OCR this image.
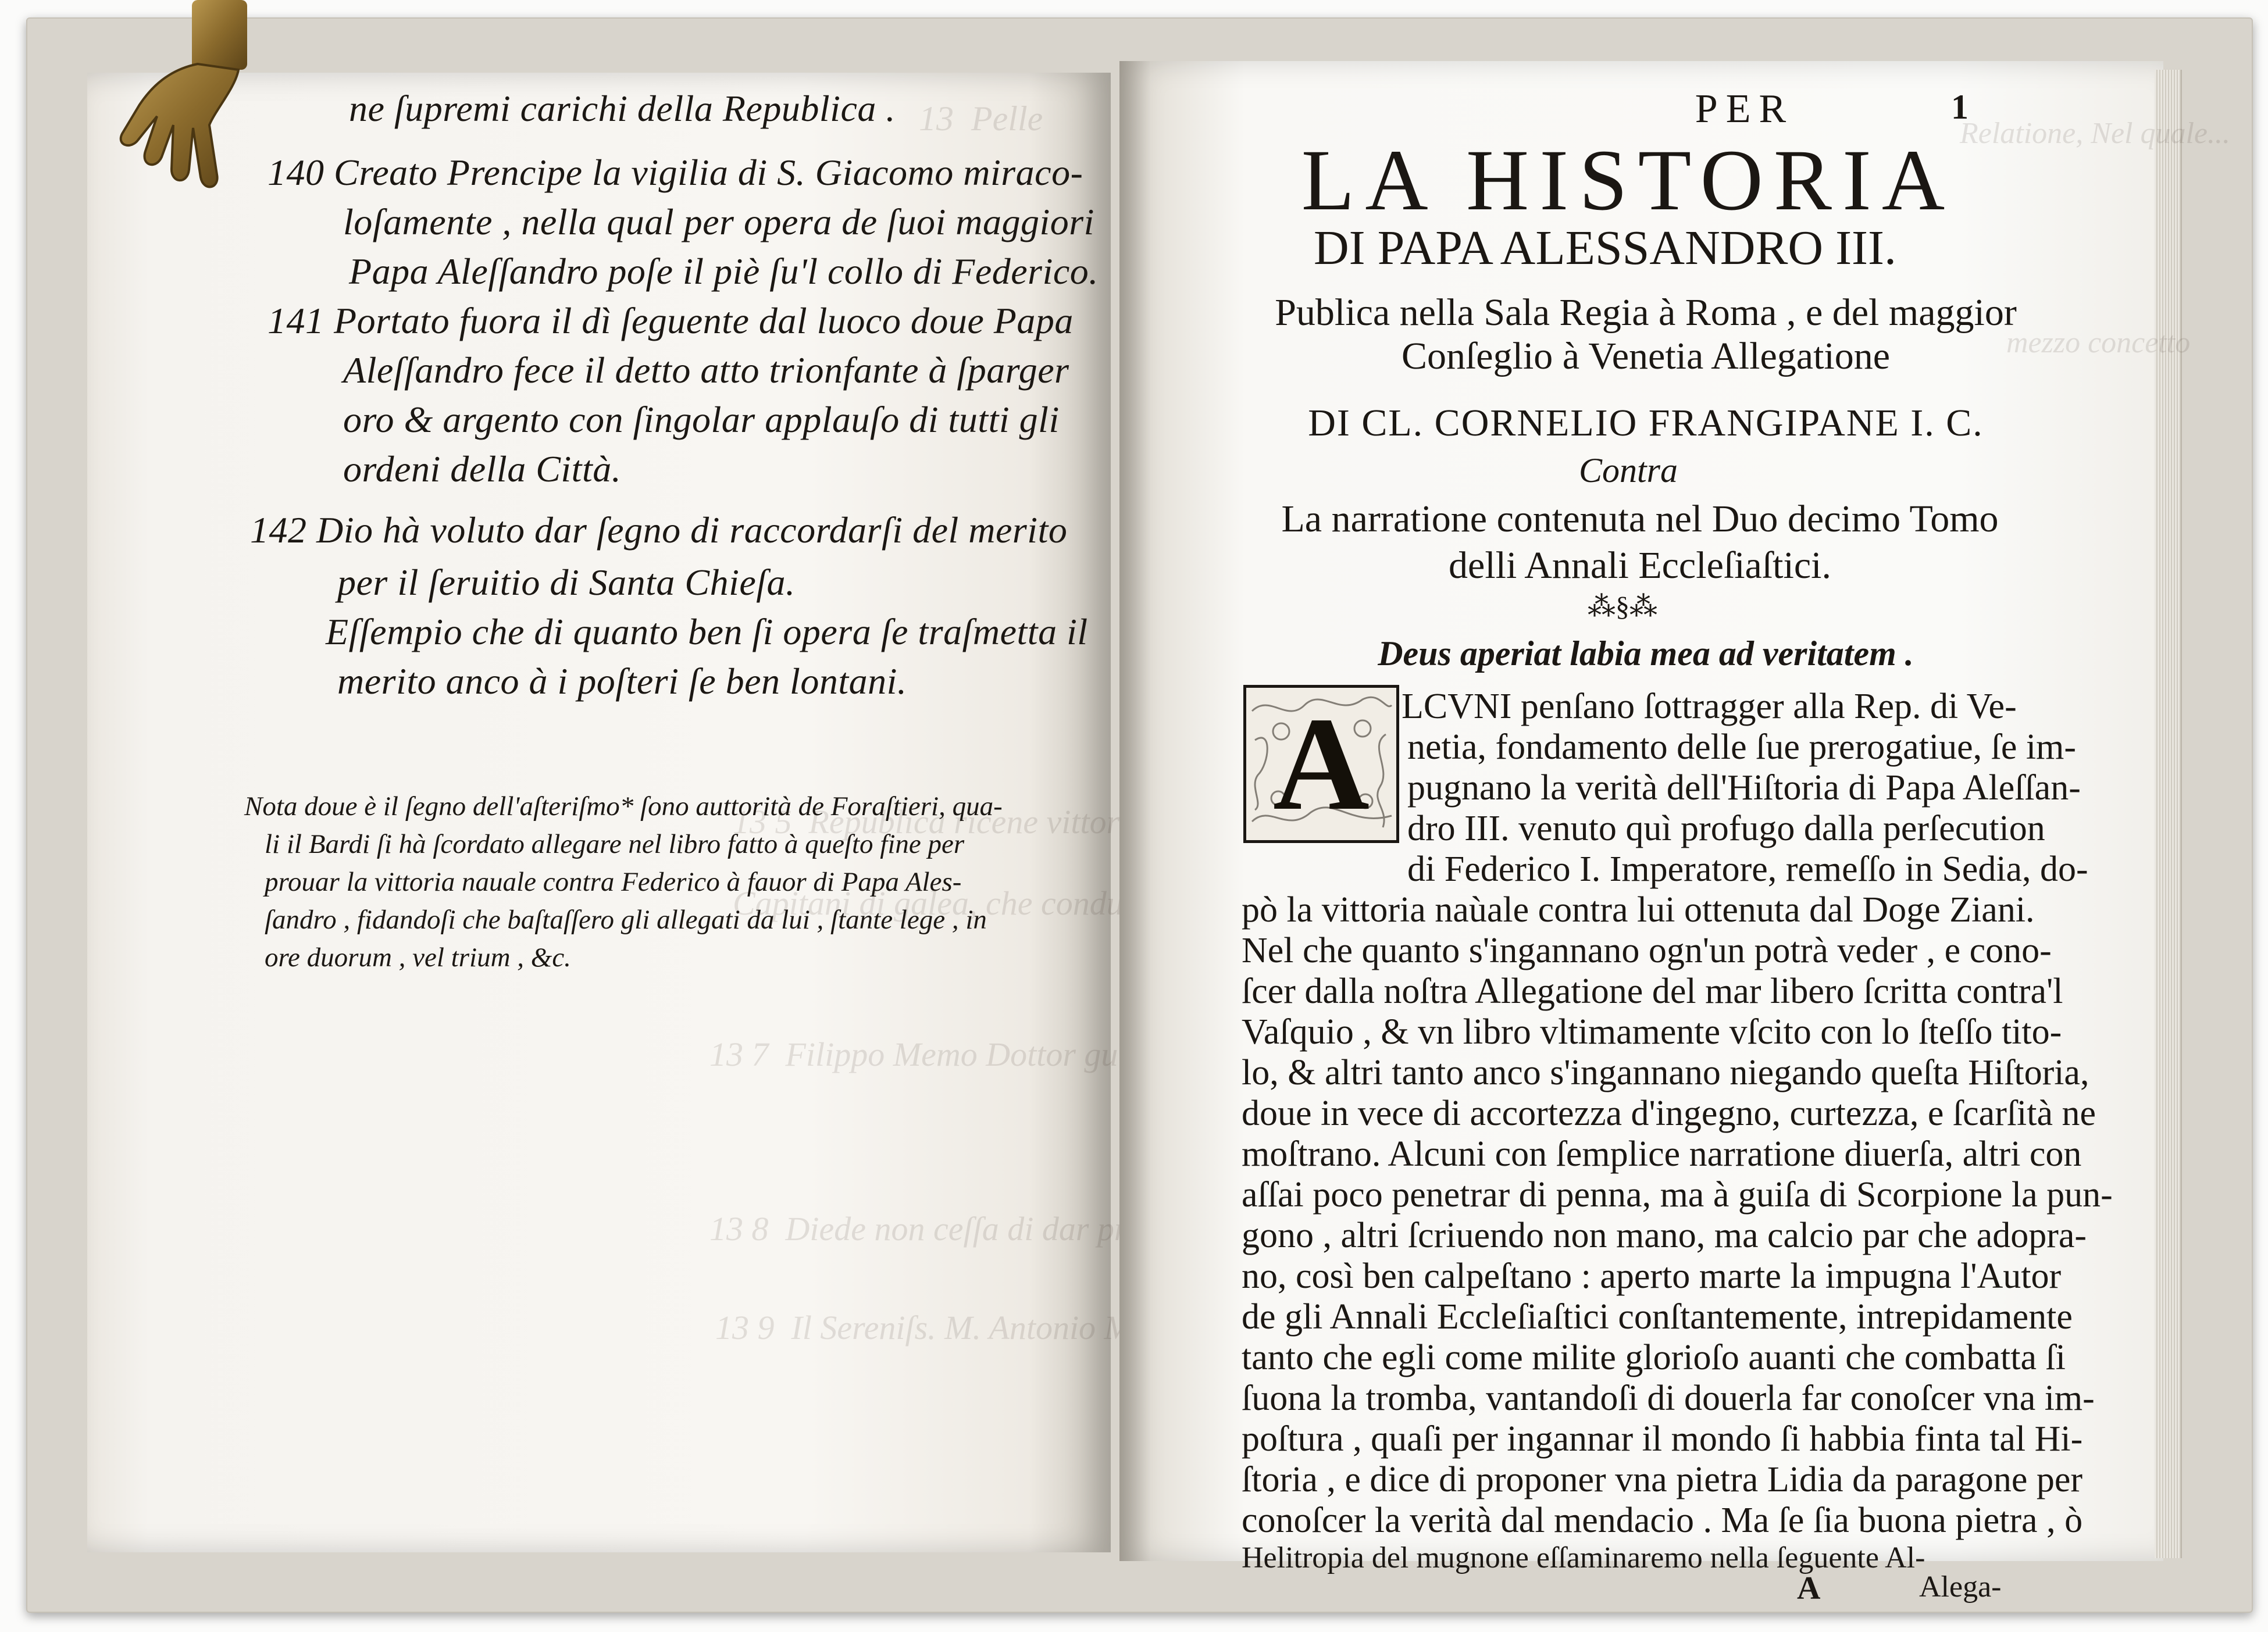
ne ſupremi carichi della Republica .
140 Creato Prencipe la vigilia di S. Giacomo miraco-
loſamente , nella qual per opera de ſuoi maggiori
Papa Aleſſandro poſe il piè ſu'l collo di Federico.
141 Portato fuora il dì ſeguente dal luoco doue Papa
Aleſſandro fece il detto atto trionfante à ſparger
oro & argento con ſingolar applauſo di tutti gli
ordeni della Città.
142 Dio hà voluto dar ſegno di raccordarſi del merito
per il ſeruitio di Santa Chieſa.
Eſſempio che di quanto ben ſi opera ſe traſmetta il
merito anco à i poſteri ſe ben lontani.
Nota doue è il ſegno dell'aſteriſmo* ſono auttorità de Foraſtieri, qua-
li il Bardi ſi hà ſcordato allegare nel libro fatto à queſto fine per
prouar la vittoria nauale contra Federico à fauor di Papa Ales-
ſandro , fidandoſi che baſtaſſero gli allegati da lui , ſtante lege , in
ore duorum , vel trium , &c.
1
PER
LA HISTORIA
DI PAPA ALESSANDRO III.
Publica nella Sala Regia à Roma , e del maggior
Conſeglio à Venetia Allegatione
DI CL. CORNELIO FRANGIPANE I. C.
Contra
La narratione contenuta nel Duo decimo Tomo
delli Annali Eccleſiaſtici.
⁂§⁂
Deus aperiat labia mea ad veritatem .
A LCVNI penſano ſottragger alla Rep. di Ve-
netia, fondamento delle ſue prerogatiue, ſe im-
pugnano la verità dell'Hiſtoria di Papa Aleſſan-
dro III. venuto quì profugo dalla perſecution
di Federico I. Imperatore, remeſſo in Sedia, do-
pò la vittoria naùale contra lui ottenuta dal Doge Ziani.
Nel che quanto s'ingannano ogn'un potrà veder , e cono-
ſcer dalla noſtra Allegatione del mar libero ſcritta contra'l
Vaſquio , & vn libro vltimamente vſcito con lo ſteſſo tito-
lo, & altri tanto anco s'ingannano niegando queſta Hiſtoria,
doue in vece di accortezza d'ingegno, curtezza, e ſcarſità ne
moſtrano. Alcuni con ſemplice narratione diuerſa, altri con
aſſai poco penetrar di penna, ma à guiſa di Scorpione la pun-
gono , altri ſcriuendo non mano, ma calcio par che adopra-
no, così ben calpeſtano : aperto marte la impugna l'Autor
de gli Annali Eccleſiaſtici conſtantemente, intrepidamente
tanto che egli come milite glorioſo auanti che combatta ſi
ſuona la tromba, vantandoſi di douerla far conoſcer vna im-
poſtura , quaſi per ingannar il mondo ſi habbia finta tal Hi-
ſtoria , e dice di proponer vna pietra Lidia da paragone per
conoſcer la verità dal mendacio . Ma ſe ſia buona pietra , ò
Helitropia del mugnone eſſaminaremo nella ſeguente Al-
A	Alega-
